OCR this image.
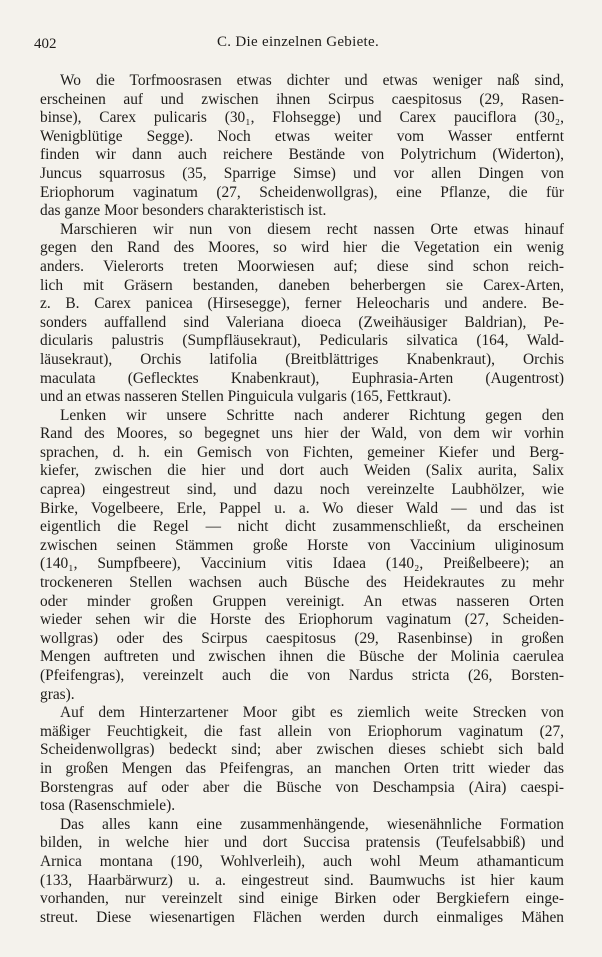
402	C. Die einzelnen Gebiete.
Wo die Torfmoosrasen etwas dichter und etwas weniger naß sind,
erscheinen auf und zwischen ihnen Scirpus caespitosus (29, Rasen-
binse), Carex pulicaris (30₁, Flohsegge) und Carex pauciflora (30₂,
Wenigblütige Segge). Noch etwas weiter vom Wasser entfernt
finden wir dann auch reichere Bestände von Polytrichum (Widerton),
Juncus squarrosus (35, Sparrige Simse) und vor allen Dingen von
Eriophorum vaginatum (27, Scheidenwollgras), eine Pflanze, die für
das ganze Moor besonders charakteristisch ist.
Marschieren wir nun von diesem recht nassen Orte etwas hinauf
gegen den Rand des Moores, so wird hier die Vegetation ein wenig
anders. Vielerorts treten Moorwiesen auf; diese sind schon reich-
lich mit Gräsern bestanden, daneben beherbergen sie Carex-Arten,
z. B. Carex panicea (Hirsesegge), ferner Heleocharis und andere. Be-
sonders auffallend sind Valeriana dioeca (Zweihäusiger Baldrian), Pe-
dicularis palustris (Sumpfläusekraut), Pedicularis silvatica (164, Wald-
läusekraut), Orchis latifolia (Breitblättriges Knabenkraut), Orchis
maculata (Geflecktes Knabenkraut), Euphrasia-Arten (Augentrost)
und an etwas nasseren Stellen Pinguicula vulgaris (165, Fettkraut).
Lenken wir unsere Schritte nach anderer Richtung gegen den
Rand des Moores, so begegnet uns hier der Wald, von dem wir vorhin
sprachen, d. h. ein Gemisch von Fichten, gemeiner Kiefer und Berg-
kiefer, zwischen die hier und dort auch Weiden (Salix aurita, Salix
caprea) eingestreut sind, und dazu noch vereinzelte Laubhölzer, wie
Birke, Vogelbeere, Erle, Pappel u. a. Wo dieser Wald — und das ist
eigentlich die Regel — nicht dicht zusammenschließt, da erscheinen
zwischen seinen Stämmen große Horste von Vaccinium uliginosum
(140₁, Sumpfbeere), Vaccinium vitis Idaea (140₂, Preißelbeere); an
trockeneren Stellen wachsen auch Büsche des Heidekrautes zu mehr
oder minder großen Gruppen vereinigt. An etwas nasseren Orten
wieder sehen wir die Horste des Eriophorum vaginatum (27, Scheiden-
wollgras) oder des Scirpus caespitosus (29, Rasenbinse) in großen
Mengen auftreten und zwischen ihnen die Büsche der Molinia caerulea
(Pfeifengras), vereinzelt auch die von Nardus stricta (26, Borsten-
gras).
Auf dem Hinterzartener Moor gibt es ziemlich weite Strecken von
mäßiger Feuchtigkeit, die fast allein von Eriophorum vaginatum (27,
Scheidenwollgras) bedeckt sind; aber zwischen dieses schiebt sich bald
in großen Mengen das Pfeifengras, an manchen Orten tritt wieder das
Borstengras auf oder aber die Büsche von Deschampsia (Aira) caespi-
tosa (Rasenschmiele).
Das alles kann eine zusammenhängende, wiesenähnliche Formation
bilden, in welche hier und dort Succisa pratensis (Teufelsabbiß) und
Arnica montana (190, Wohlverleih), auch wohl Meum athamanticum
(133, Haarbärwurz) u. a. eingestreut sind. Baumwuchs ist hier kaum
vorhanden, nur vereinzelt sind einige Birken oder Bergkiefern einge-
streut. Diese wiesenartigen Flächen werden durch einmaliges Mähen
